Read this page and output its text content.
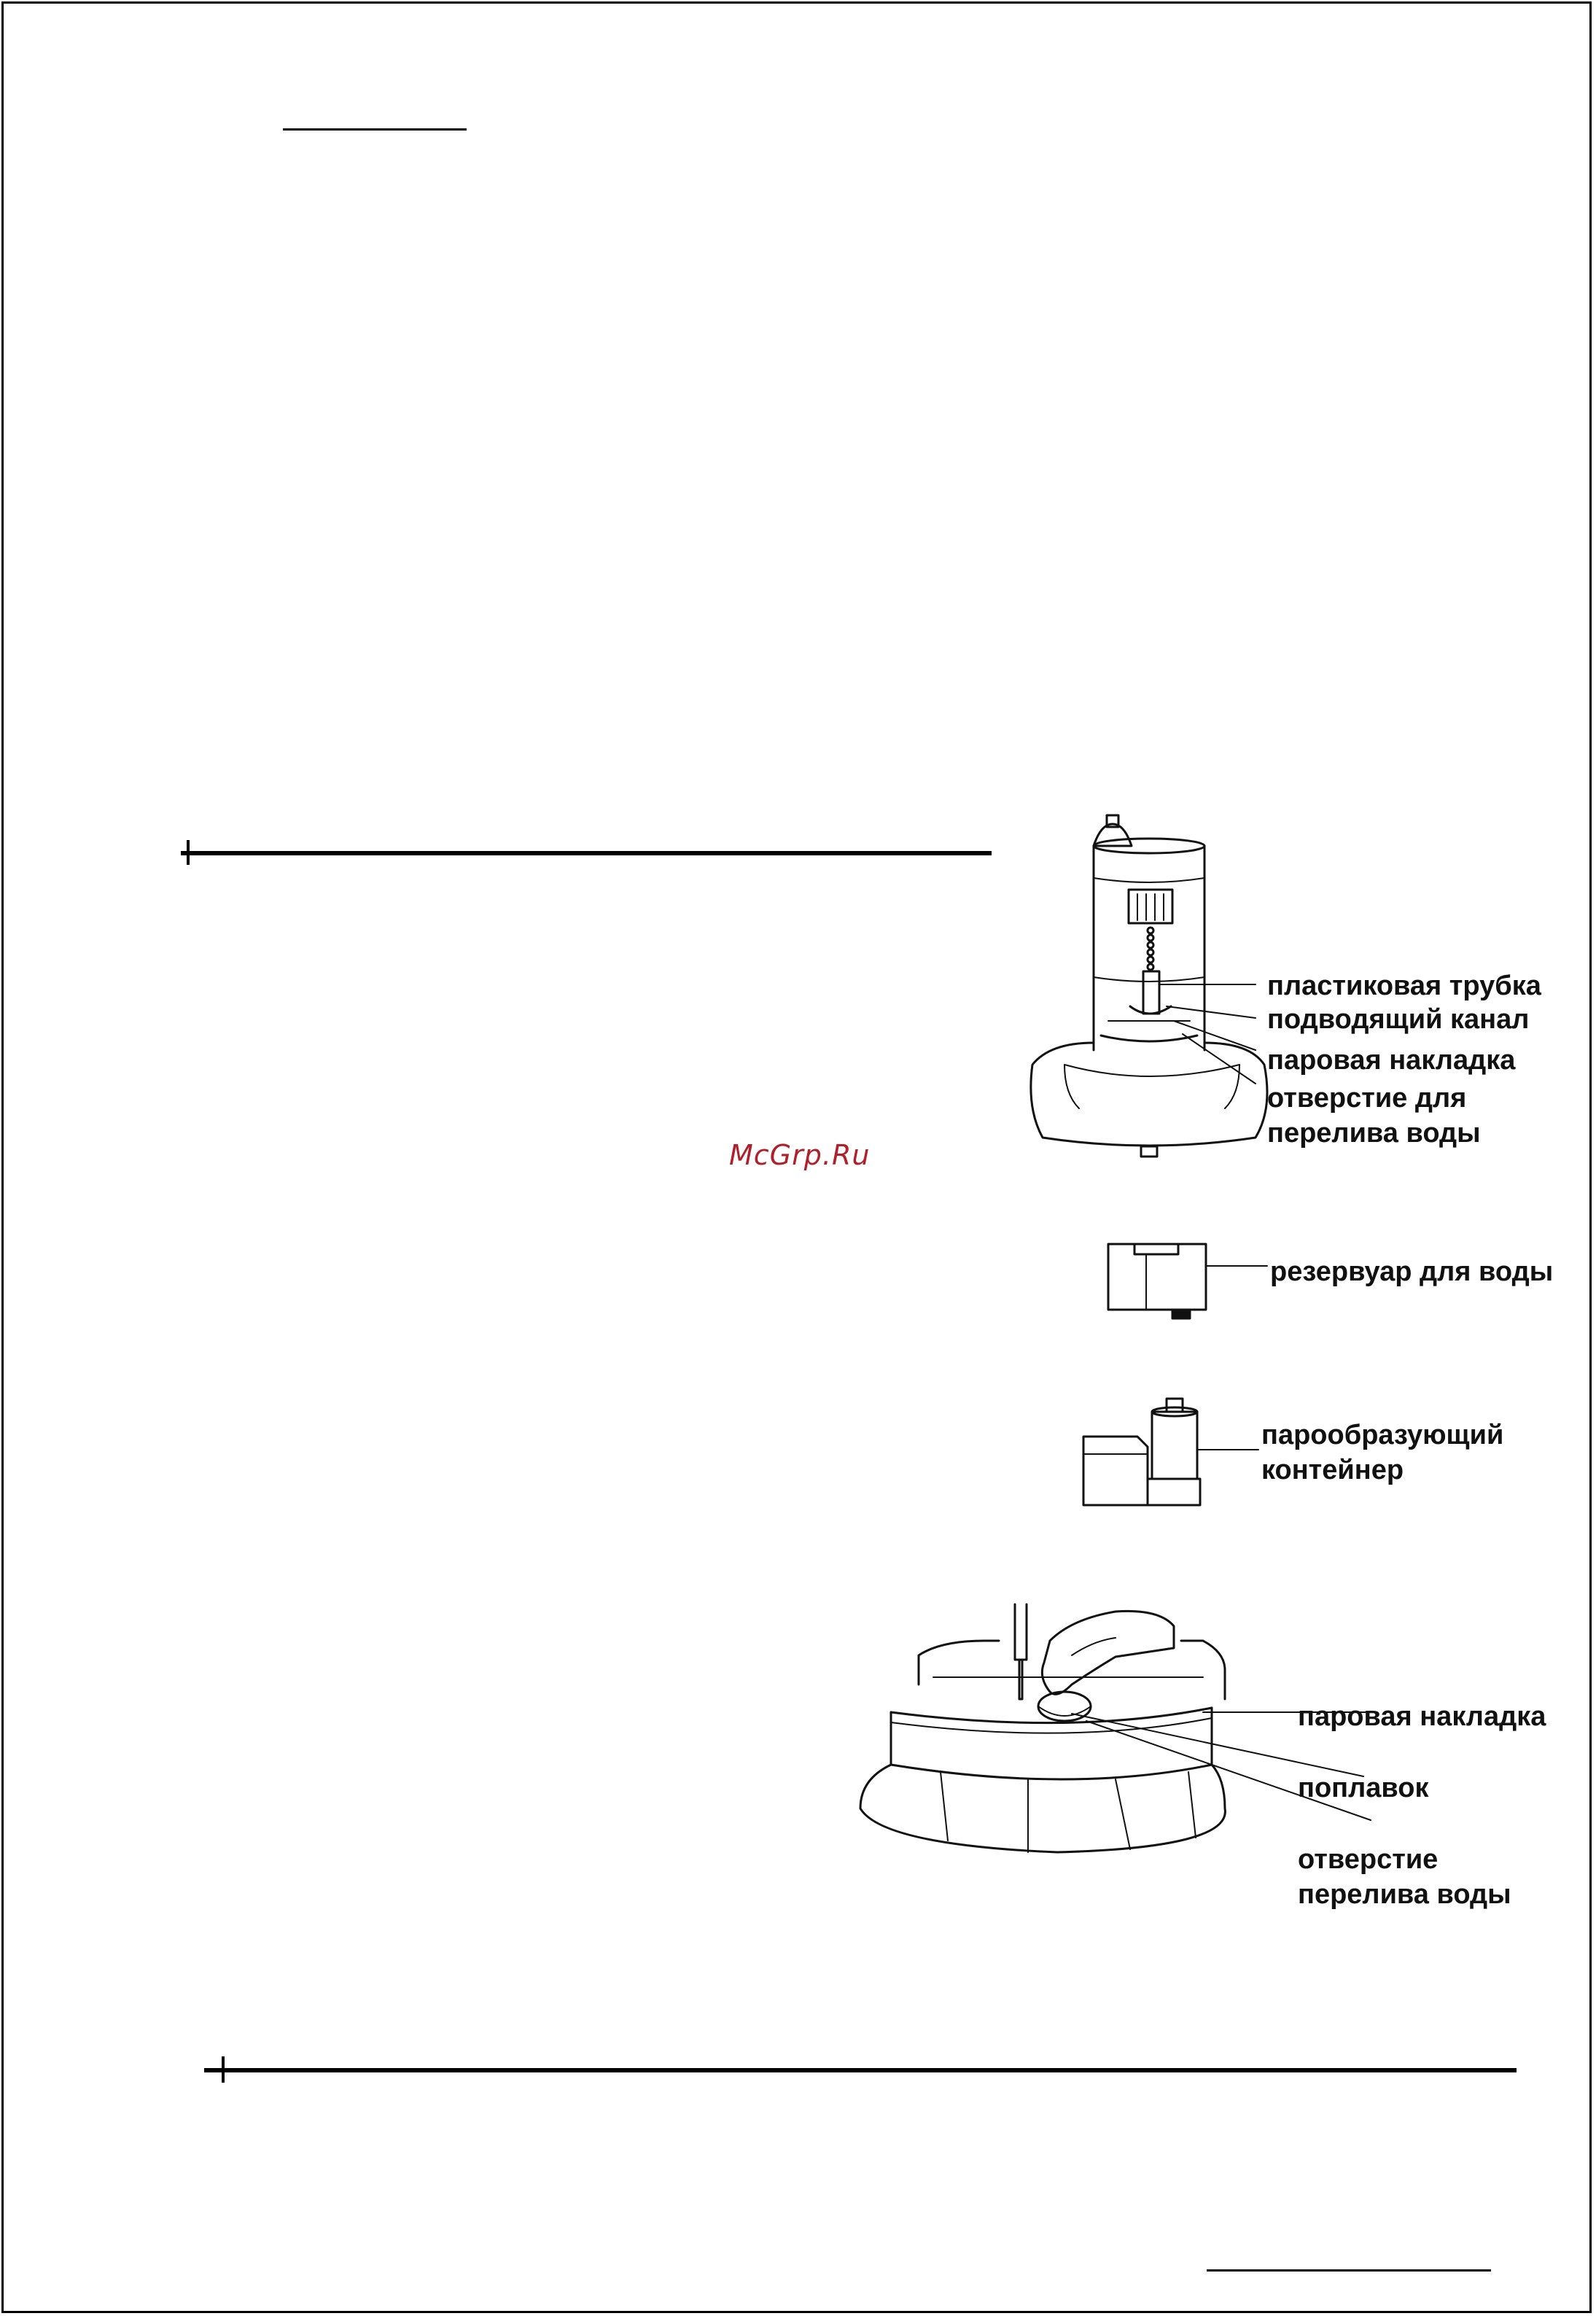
McGrp.Ru
пластиковая трубка
подводящий канал
паровая накладка
отверстие для
перелива воды
резервуар для воды
парообразующий
контейнер
паровая накладка
поплавок
отверстие
перелива воды
